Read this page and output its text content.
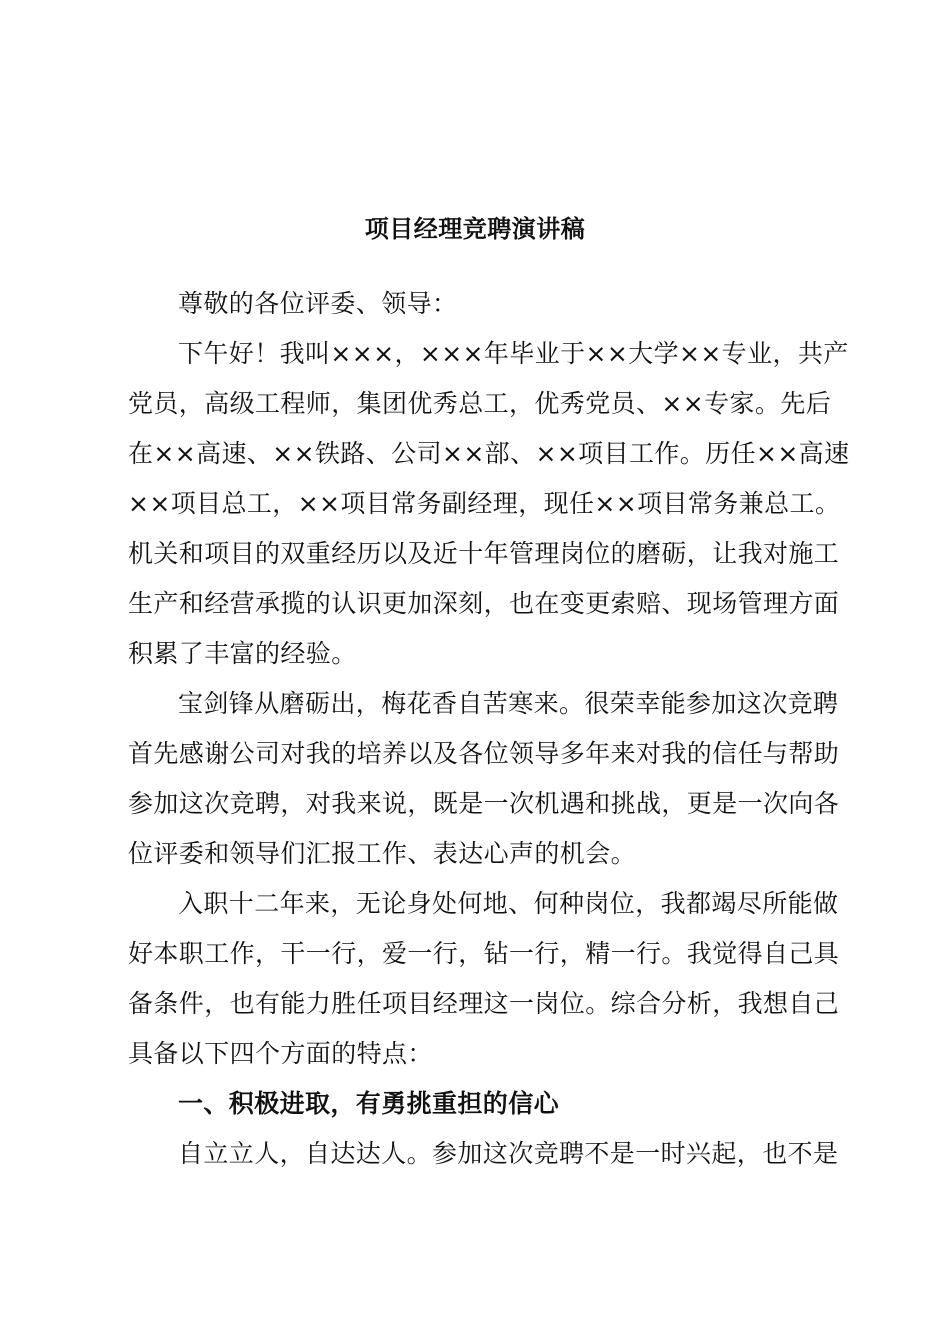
项目经理竞聘演讲稿
尊敬的各位评委、领导：
下午好！我叫×××，×××年毕业于××大学××专业，共产
党员，高级工程师，集团优秀总工，优秀党员、××专家。先后
在××高速、××铁路、公司××部、××项目工作。历任××高速
××项目总工，××项目常务副经理，现任××项目常务兼总工。
机关和项目的双重经历以及近十年管理岗位的磨砺，让我对施工
生产和经营承揽的认识更加深刻，也在变更索赔、现场管理方面
积累了丰富的经验。
宝剑锋从磨砺出，梅花香自苦寒来。很荣幸能参加这次竞聘
首先感谢公司对我的培养以及各位领导多年来对我的信任与帮助
参加这次竞聘，对我来说，既是一次机遇和挑战，更是一次向各
位评委和领导们汇报工作、表达心声的机会。
入职十二年来，无论身处何地、何种岗位，我都竭尽所能做
好本职工作，干一行，爱一行，钻一行，精一行。我觉得自己具
备条件，也有能力胜任项目经理这一岗位。综合分析，我想自己
具备以下四个方面的特点：
一、积极进取，有勇挑重担的信心
自立立人，自达达人。参加这次竞聘不是一时兴起，也不是
